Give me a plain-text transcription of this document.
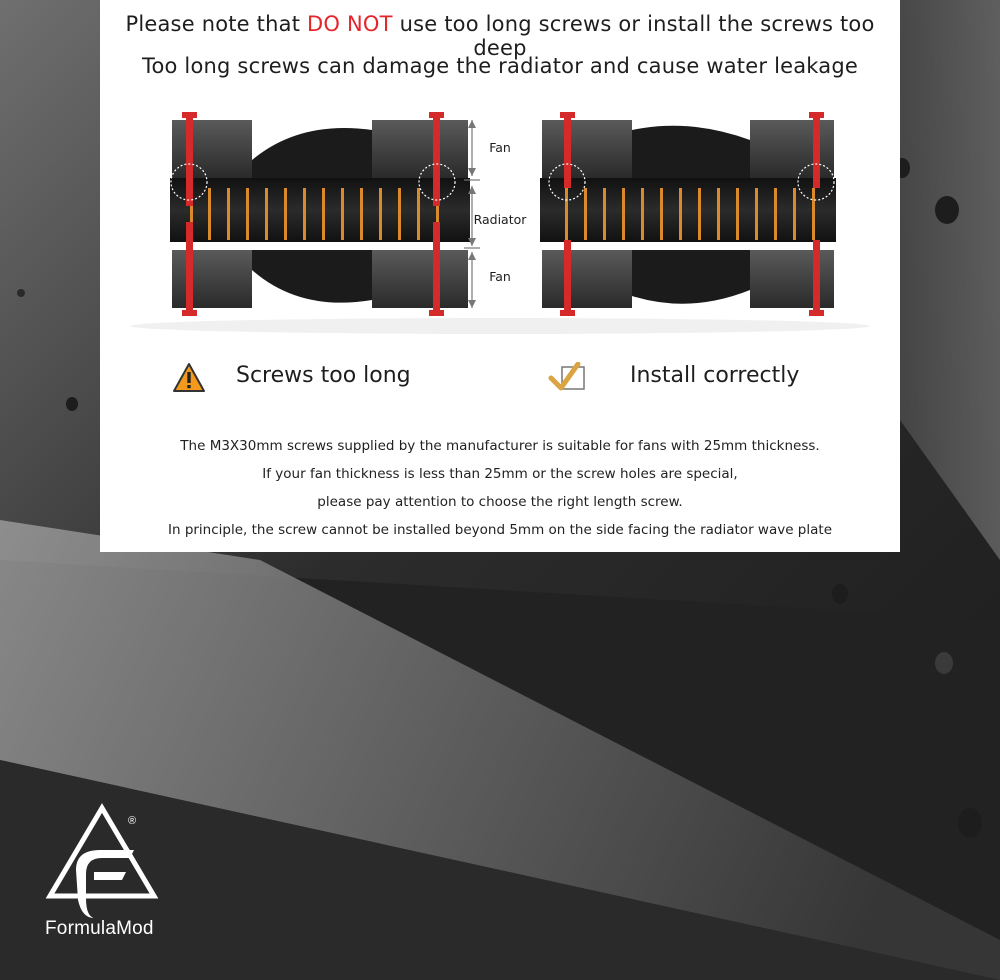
Please note that DO NOT use too long screws or install the screws too deep
Too long screws can damage the radiator and cause water leakage
Fan
Radiator
Fan
Screws too long	Install correctly
The M3X30mm screws supplied by the manufacturer is suitable for fans with 25mm thickness.
If your fan thickness is less than 25mm or the screw holes are special,
please pay attention to choose the right length screw.
In principle, the screw cannot be installed beyond 5mm on the side facing the radiator wave plate
®
FormulaMod
